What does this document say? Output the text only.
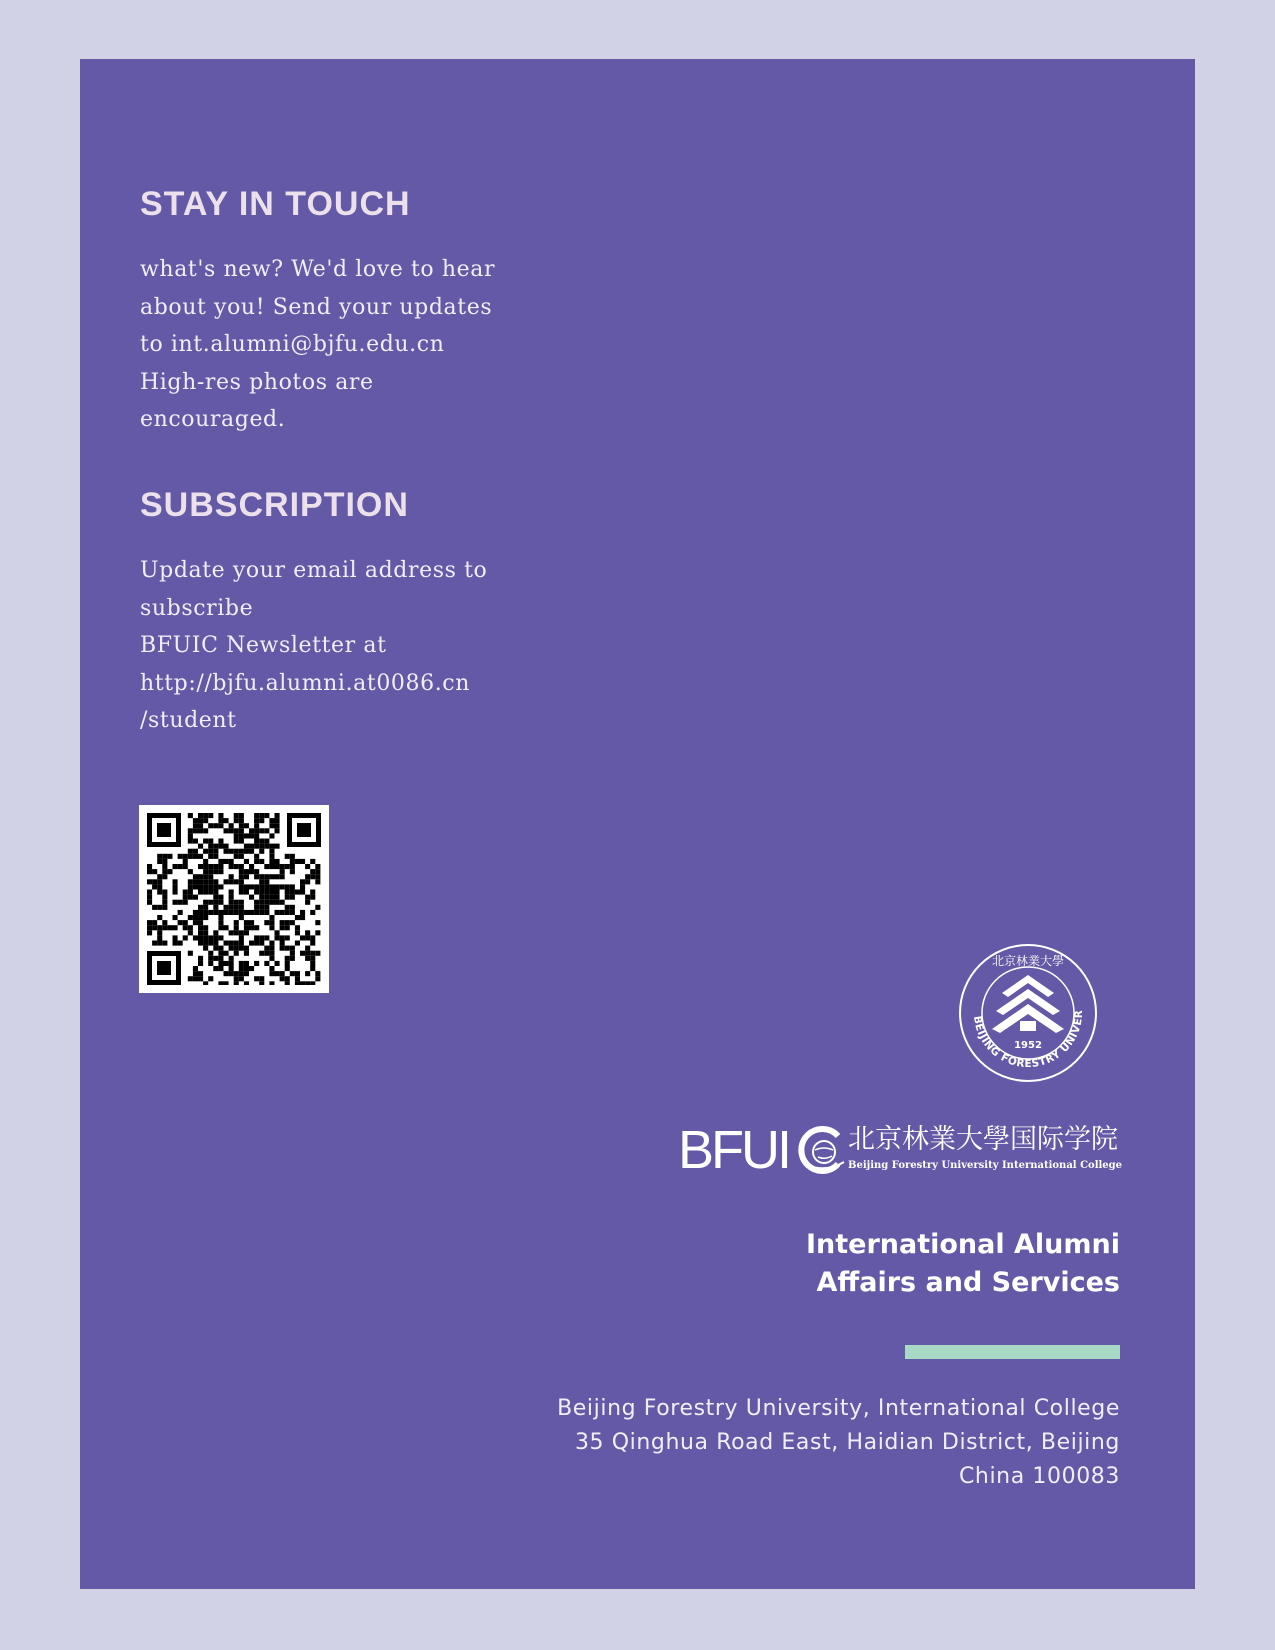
STAY IN TOUCH

what's new? We'd love to hear
about you! Send your updates
to int.alumni@bjfu.edu.cn
High-res photos are
encouraged.

SUBSCRIPTION

Update your email address to
subscribe
BFUIC Newsletter at
http://bjfu.alumni.at0086.cn
/student

BEIJING FORESTRY UNIVER
北京林業大學
1952
BFUI 北京林業大學国际学院
Beijing Forestry University International College

International Alumni
Affairs and Services

Beijing Forestry University, International College
35 Qinghua Road East, Haidian District, Beijing
China 100083
